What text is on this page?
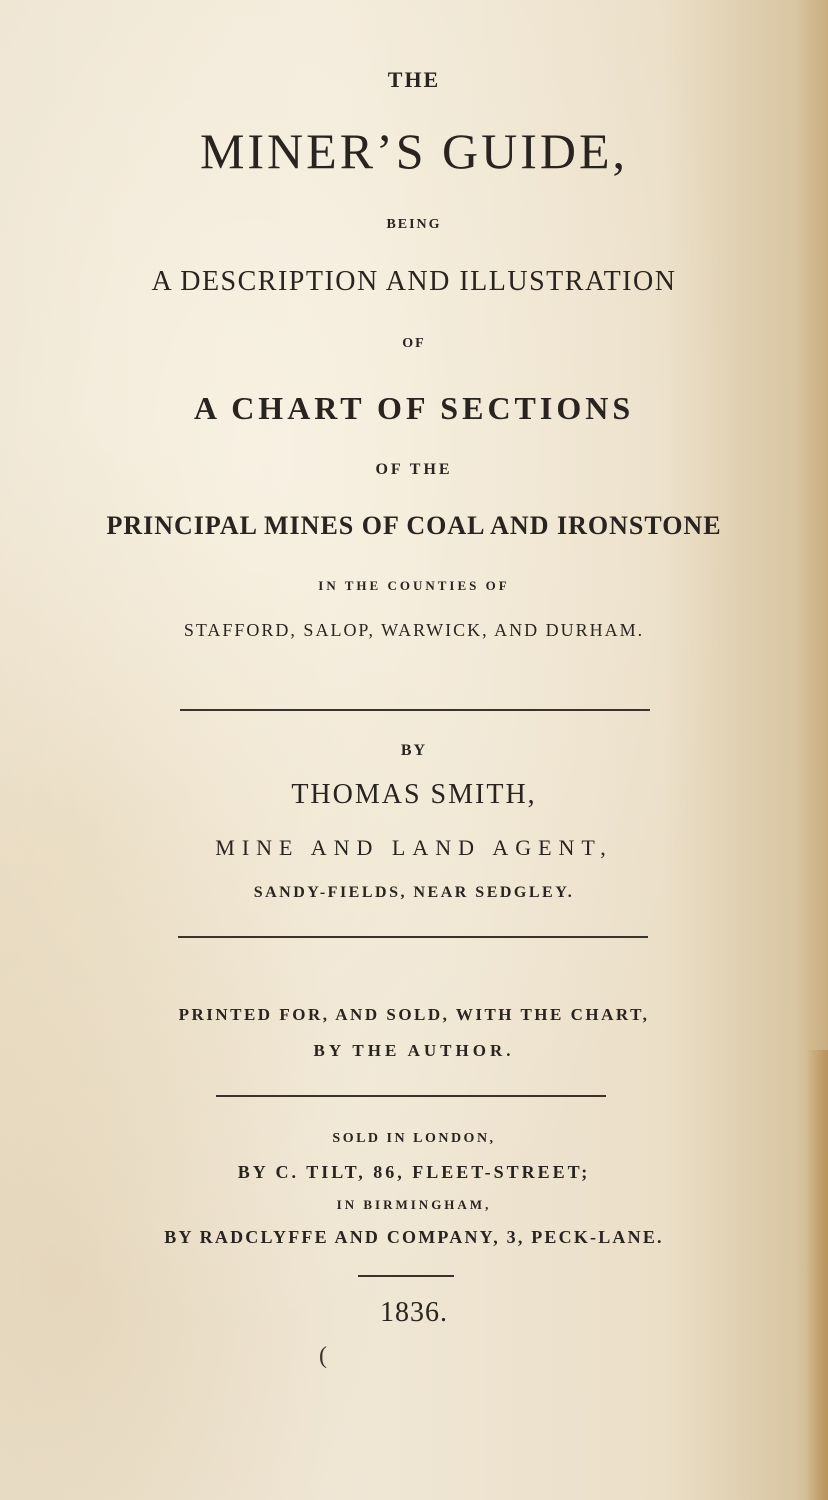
THE
MINER’S GUIDE,
BEING
A DESCRIPTION AND ILLUSTRATION
OF
A CHART OF SECTIONS
OF THE
PRINCIPAL MINES OF COAL AND IRONSTONE
IN THE COUNTIES OF
STAFFORD, SALOP, WARWICK, AND DURHAM.
BY
THOMAS SMITH,
MINE AND LAND AGENT,
SANDY-FIELDS, NEAR SEDGLEY.
PRINTED FOR, AND SOLD, WITH THE CHART,
BY THE AUTHOR.
SOLD IN LONDON,
BY C. TILT, 86, FLEET-STREET;
IN BIRMINGHAM,
BY RADCLYFFE AND COMPANY, 3, PECK-LANE.
1836.
(
